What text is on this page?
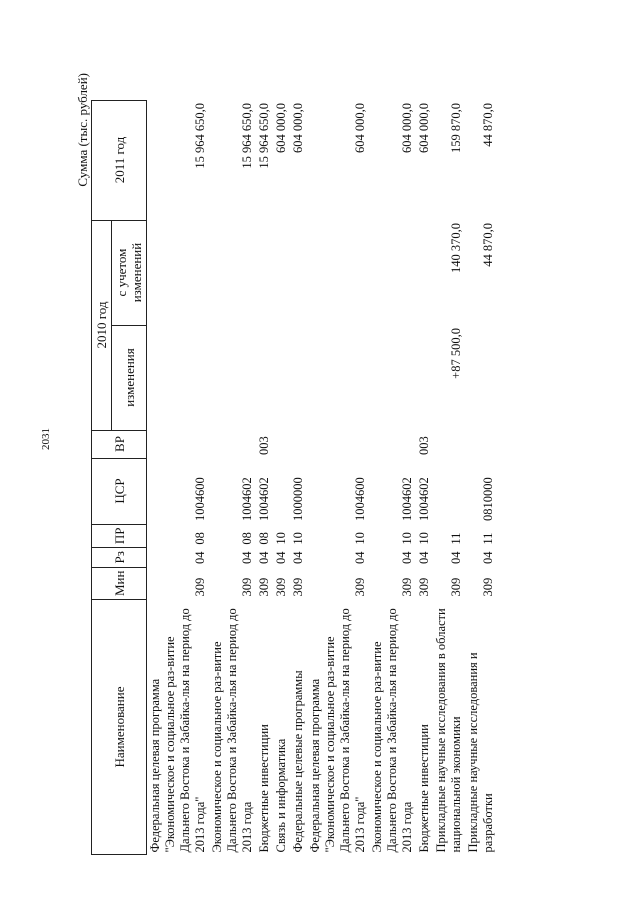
2031
Сумма (тыс. рублей)
Наименование	Мин	Рз	ПР	ЦСР	ВР	2010 год		2011 год
						изменения	с учетом изменений	
Федеральная целевая программа "Экономическое и социальное раз-витие Дальнего Востока и Забайка-лья на период до 2013 года"	309	04	08	1004600				15 964 650,0
Экономическое и социальное раз-витие Дальнего Востока и Забайка-лья на период до 2013 года	309	04	08	1004602				15 964 650,0
Бюджетные инвестиции	309	04	08	1004602	003			15 964 650,0
Связь и информатика	309	04	10					604 000,0
Федеральные целевые программы	309	04	10	1000000				604 000,0
Федеральная целевая программа "Экономическое и социальное раз-витие Дальнего Востока и Забайка-лья на период до 2013 года"	309	04	10	1004600				604 000,0
Экономическое и социальное раз-витие Дальнего Востока и Забайка-лья на период до 2013 года	309	04	10	1004602				604 000,0
Бюджетные инвестиции	309	04	10	1004602	003			604 000,0
Прикладные научные исследования в области национальной экономики	309	04	11			+87 500,0	140 370,0	159 870,0
Прикладные научные исследования и разработки	309	04	11	0810000			44 870,0	44 870,0
